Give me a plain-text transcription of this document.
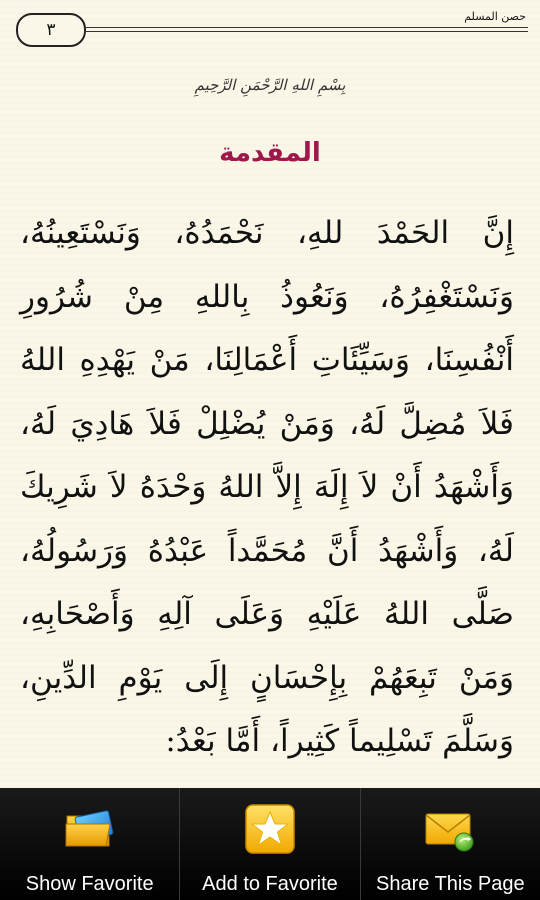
٣
حصن المسلم
بِسْمِ اللهِ الرَّحْمَنِ الرَّحِيمِ
المقدمة
إِنَّ الحَمْدَ للهِ، نَحْمَدُهُ، وَنَسْتَعِينُهُ، وَنَسْتَغْفِرُهُ، وَنَعُوذُ بِاللهِ مِنْ شُرُورِ أَنْفُسِنَا، وَسَيِّئَاتِ أَعْمَالِنَا، مَنْ يَهْدِهِ اللهُ فَلاَ مُضِلَّ لَهُ، وَمَنْ يُضْلِلْ فَلاَ هَادِيَ لَهُ، وَأَشْهَدُ أَنْ لاَ إِلَهَ إِلاَّ اللهُ وَحْدَهُ لاَ شَرِيكَ لَهُ، وَأَشْهَدُ أَنَّ مُحَمَّداً عَبْدُهُ وَرَسُولُهُ، صَلَّى اللهُ عَلَيْهِ وَعَلَى آلِهِ وَأَصْحَابِهِ، وَمَنْ تَبِعَهُمْ بِإِحْسَانٍ إِلَى يَوْمِ الدِّينِ، وَسَلَّمَ تَسْلِيماً كَثِيراً، أَمَّا بَعْدُ:
Show Favorite	Add to Favorite	Share This Page
